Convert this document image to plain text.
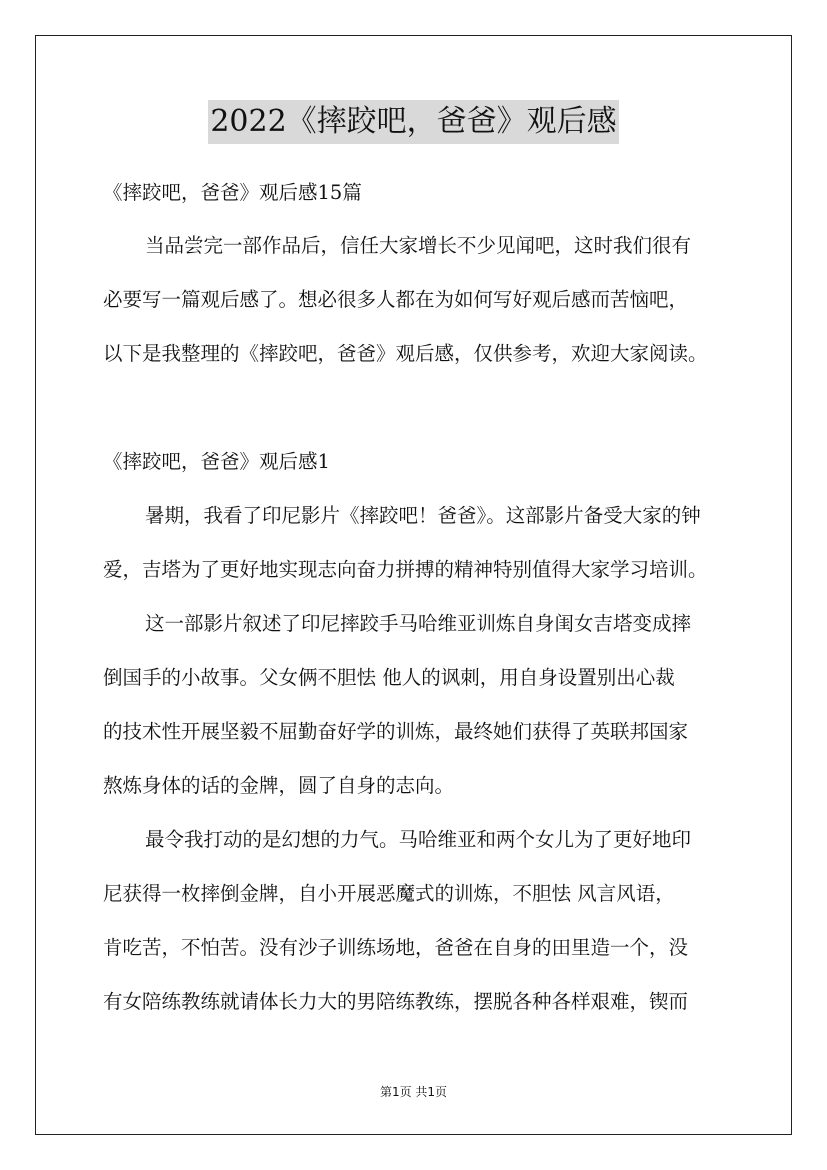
2022《摔跤吧，爸爸》观后感
《摔跤吧，爸爸》观后感15篇
当品尝完一部作品后，信任大家增长不少见闻吧，这时我们很有
必要写一篇观后感了。想必很多人都在为如何写好观后感而苦恼吧，
以下是我整理的《摔跤吧，爸爸》观后感，仅供参考，欢迎大家阅读。
《摔跤吧，爸爸》观后感1
暑期，我看了印尼影片《摔跤吧！爸爸》。这部影片备受大家的钟
爱，吉塔为了更好地实现志向奋力拼搏的精神特别值得大家学习培训。
这一部影片叙述了印尼摔跤手马哈维亚训炼自身闺女吉塔变成摔
倒国手的小故事。父女俩不胆怯 他人的讽刺，用自身设置别出心裁
的技术性开展坚毅不屈勤奋好学的训炼，最终她们获得了英联邦国家
熬炼身体的话的金牌，圆了自身的志向。
最令我打动的是幻想的力气。马哈维亚和两个女儿为了更好地印
尼获得一枚摔倒金牌，自小开展恶魔式的训炼，不胆怯 风言风语，
肯吃苦，不怕苦。没有沙子训练场地，爸爸在自身的田里造一个，没
有女陪练教练就请体长力大的男陪练教练，摆脱各种各样艰难，锲而
第1页 共1页
